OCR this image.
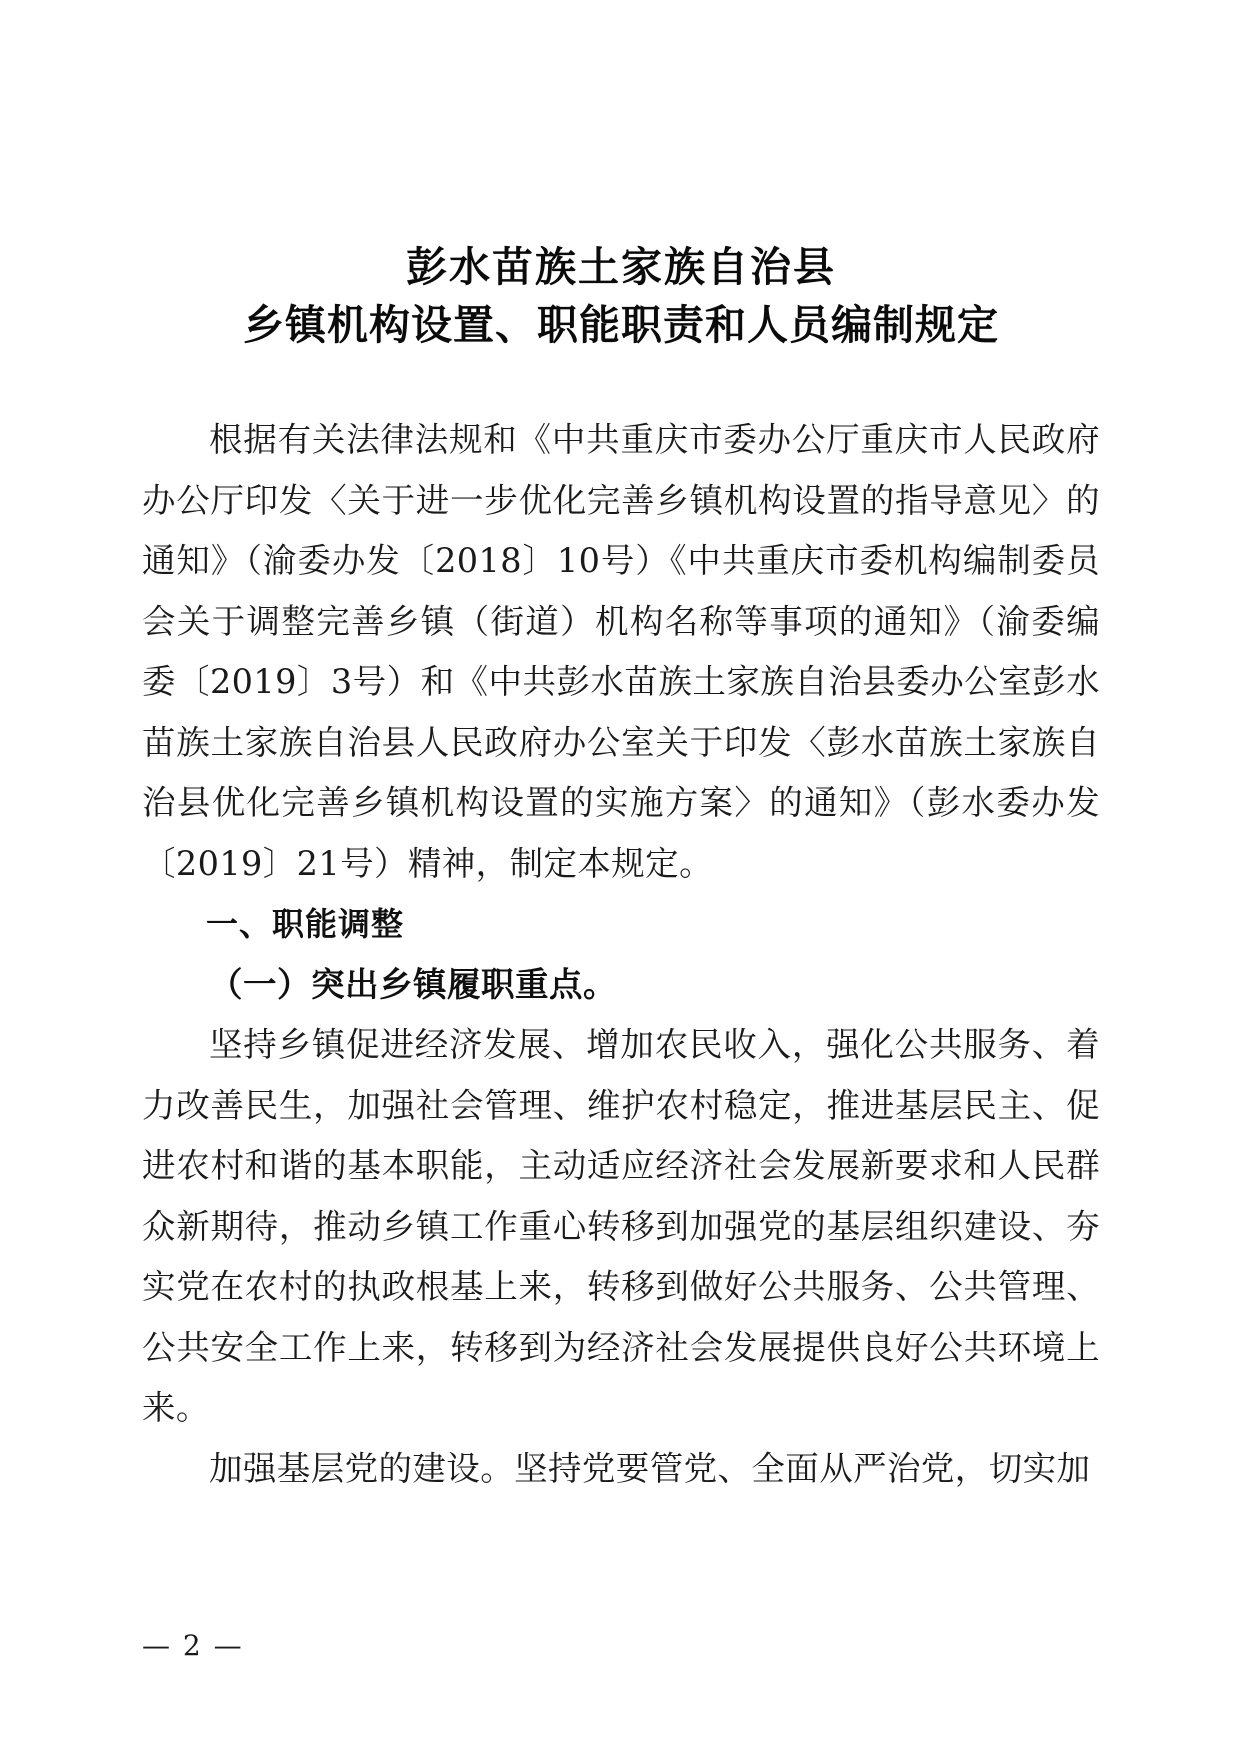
彭水苗族土家族自治县
乡镇机构设置、职能职责和人员编制规定

根据有关法律法规和《中共重庆市委办公厅重庆市人民政府办公厅印发〈关于进一步优化完善乡镇机构设置的指导意见〉的通知》（渝委办发〔2018〕10号）《中共重庆市委机构编制委员会关于调整完善乡镇（街道）机构名称等事项的通知》（渝委编委〔2019〕3号）和《中共彭水苗族土家族自治县委办公室彭水苗族土家族自治县人民政府办公室关于印发〈彭水苗族土家族自治县优化完善乡镇机构设置的实施方案〉的通知》（彭水委办发〔2019〕21号）精神，制定本规定。

一、职能调整

（一）突出乡镇履职重点。

坚持乡镇促进经济发展、增加农民收入，强化公共服务、着力改善民生，加强社会管理、维护农村稳定，推进基层民主、促进农村和谐的基本职能，主动适应经济社会发展新要求和人民群众新期待，推动乡镇工作重心转移到加强党的基层组织建设、夯实党在农村的执政根基上来，转移到做好公共服务、公共管理、公共安全工作上来，转移到为经济社会发展提供良好公共环境上来。

加强基层党的建设。坚持党要管党、全面从严治党，切实加

— 2 —
